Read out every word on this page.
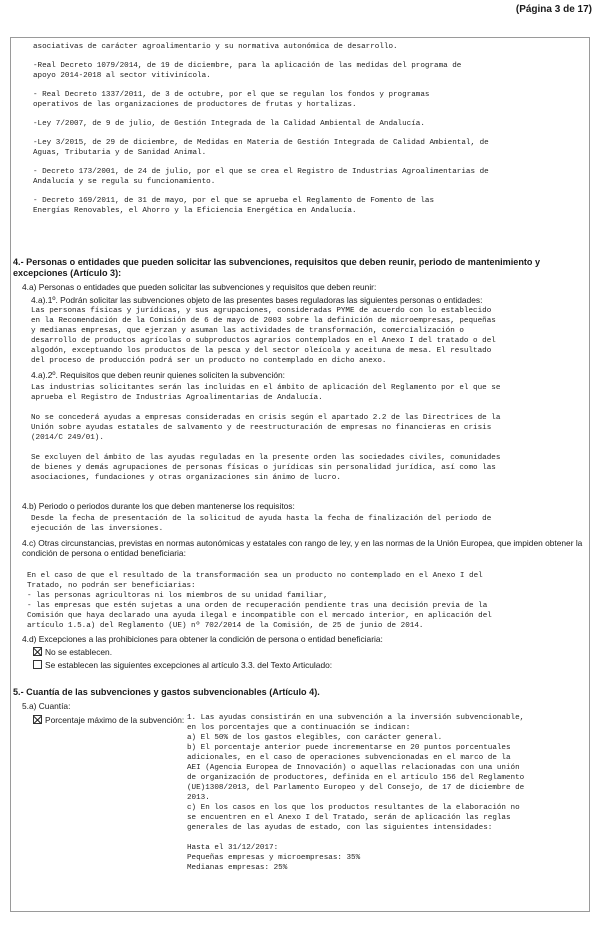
(Página 3 de 17)

asociativas de carácter agroalimentario y su normativa autonómica de desarrollo.

-Real Decreto 1079/2014, de 19 de diciembre, para la aplicación de las medidas del programa de
apoyo 2014-2018 al sector vitivinícola.

- Real Decreto 1337/2011, de 3 de octubre, por el que se regulan los fondos y programas
operativos de las organizaciones de productores de frutas y hortalizas.

-Ley 7/2007, de 9 de julio, de Gestión Integrada de la Calidad Ambiental de Andalucía.

-Ley 3/2015, de 29 de diciembre, de Medidas en Materia de Gestión Integrada de Calidad Ambiental, de
Aguas, Tributaria y de Sanidad Animal.

- Decreto 173/2001, de 24 de julio, por el que se crea el Registro de Industrias Agroalimentarias de
Andalucía y se regula su funcionamiento.

- Decreto 169/2011, de 31 de mayo, por el que se aprueba el Reglamento de Fomento de las
Energías Renovables, el Ahorro y la Eficiencia Energética en Andalucía.

4.- Personas o entidades que pueden solicitar las subvenciones, requisitos que deben reunir, periodo de mantenimiento y excepciones (Artículo 3):
4.a) Personas o entidades que pueden solicitar las subvenciones y requisitos que deben reunir:
4.a).1º. Podrán solicitar las subvenciones objeto de las presentes bases reguladoras las siguientes personas o entidades:

Las personas físicas y jurídicas, y sus agrupaciones, consideradas PYME de acuerdo con lo establecido
en la Recomendación de la Comisión de 6 de mayo de 2003 sobre la definición de microempresas, pequeñas
y medianas empresas, que ejerzan y asuman las actividades de transformación, comercialización o
desarrollo de productos agrícolas o subproductos agrarios contemplados en el Anexo I del tratado o del
algodón, exceptuando los productos de la pesca y del sector oleícola y aceituna de mesa. El resultado
del proceso de producción podrá ser un producto no contemplado en dicho anexo.

4.a).2º. Requisitos que deben reunir quienes soliciten la subvención:

Las industrias solicitantes serán las incluidas en el ámbito de aplicación del Reglamento por el que se
aprueba el Registro de Industrias Agroalimentarias de Andalucía.

No se concederá ayudas a empresas consideradas en crisis según el apartado 2.2 de las Directrices de la
Unión sobre ayudas estatales de salvamento y de reestructuración de empresas no financieras en crisis
(2014/C 249/01).

Se excluyen del ámbito de las ayudas reguladas en la presente orden las sociedades civiles, comunidades
de bienes y demás agrupaciones de personas físicas o jurídicas sin personalidad jurídica, así como las
asociaciones, fundaciones y otras organizaciones sin ánimo de lucro.

4.b) Periodo o periodos durante los que deben mantenerse los requisitos:

Desde la fecha de presentación de la solicitud de ayuda hasta la fecha de finalización del periodo de
ejecución de las inversiones.

4.c) Otras circunstancias, previstas en normas autonómicas y estatales con rango de ley, y en las normas de la Unión Europea, que impiden obtener la condición de persona o entidad beneficiaria:

En el caso de que el resultado de la transformación sea un producto no contemplado en el Anexo I del
Tratado, no podrán ser beneficiarias:
- las personas agricultoras ni los miembros de su unidad familiar,
- las empresas que estén sujetas a una orden de recuperación pendiente tras una decisión previa de la
Comisión que haya declarado una ayuda ilegal e incompatible con el mercado interior, en aplicación del
artículo 1.5.a) del Reglamento (UE) nº 702/2014 de la Comisión, de 25 de junio de 2014.

4.d) Excepciones a las prohibiciones para obtener la condición de persona o entidad beneficiaria:
No se establecen.
Se establecen las siguientes excepciones al artículo 3.3. del Texto Articulado:
5.- Cuantía de las subvenciones y gastos subvencionables (Artículo 4).
5.a) Cuantía:
Porcentaje máximo de la subvención: 1. Las ayudas consistirán en una subvención a la inversión subvencionable,
en los porcentajes que a continuación se indican:
a) El 50% de los gastos elegibles, con carácter general.
b) El porcentaje anterior puede incrementarse en 20 puntos porcentuales
adicionales, en el caso de operaciones subvencionadas en el marco de la
AEI (Agencia Europea de Innovación) o aquellas relacionadas con una unión
de organización de productores, definida en el artículo 156 del Reglamento
(UE)1308/2013, del Parlamento Europeo y del Consejo, de 17 de diciembre de
2013.
c) En los casos en los que los productos resultantes de la elaboración no
se encuentren en el Anexo I del Tratado, serán de aplicación las reglas
generales de las ayudas de estado, con las siguientes intensidades:

Hasta el 31/12/2017:
Pequeñas empresas y microempresas: 35%
Medianas empresas: 25%
